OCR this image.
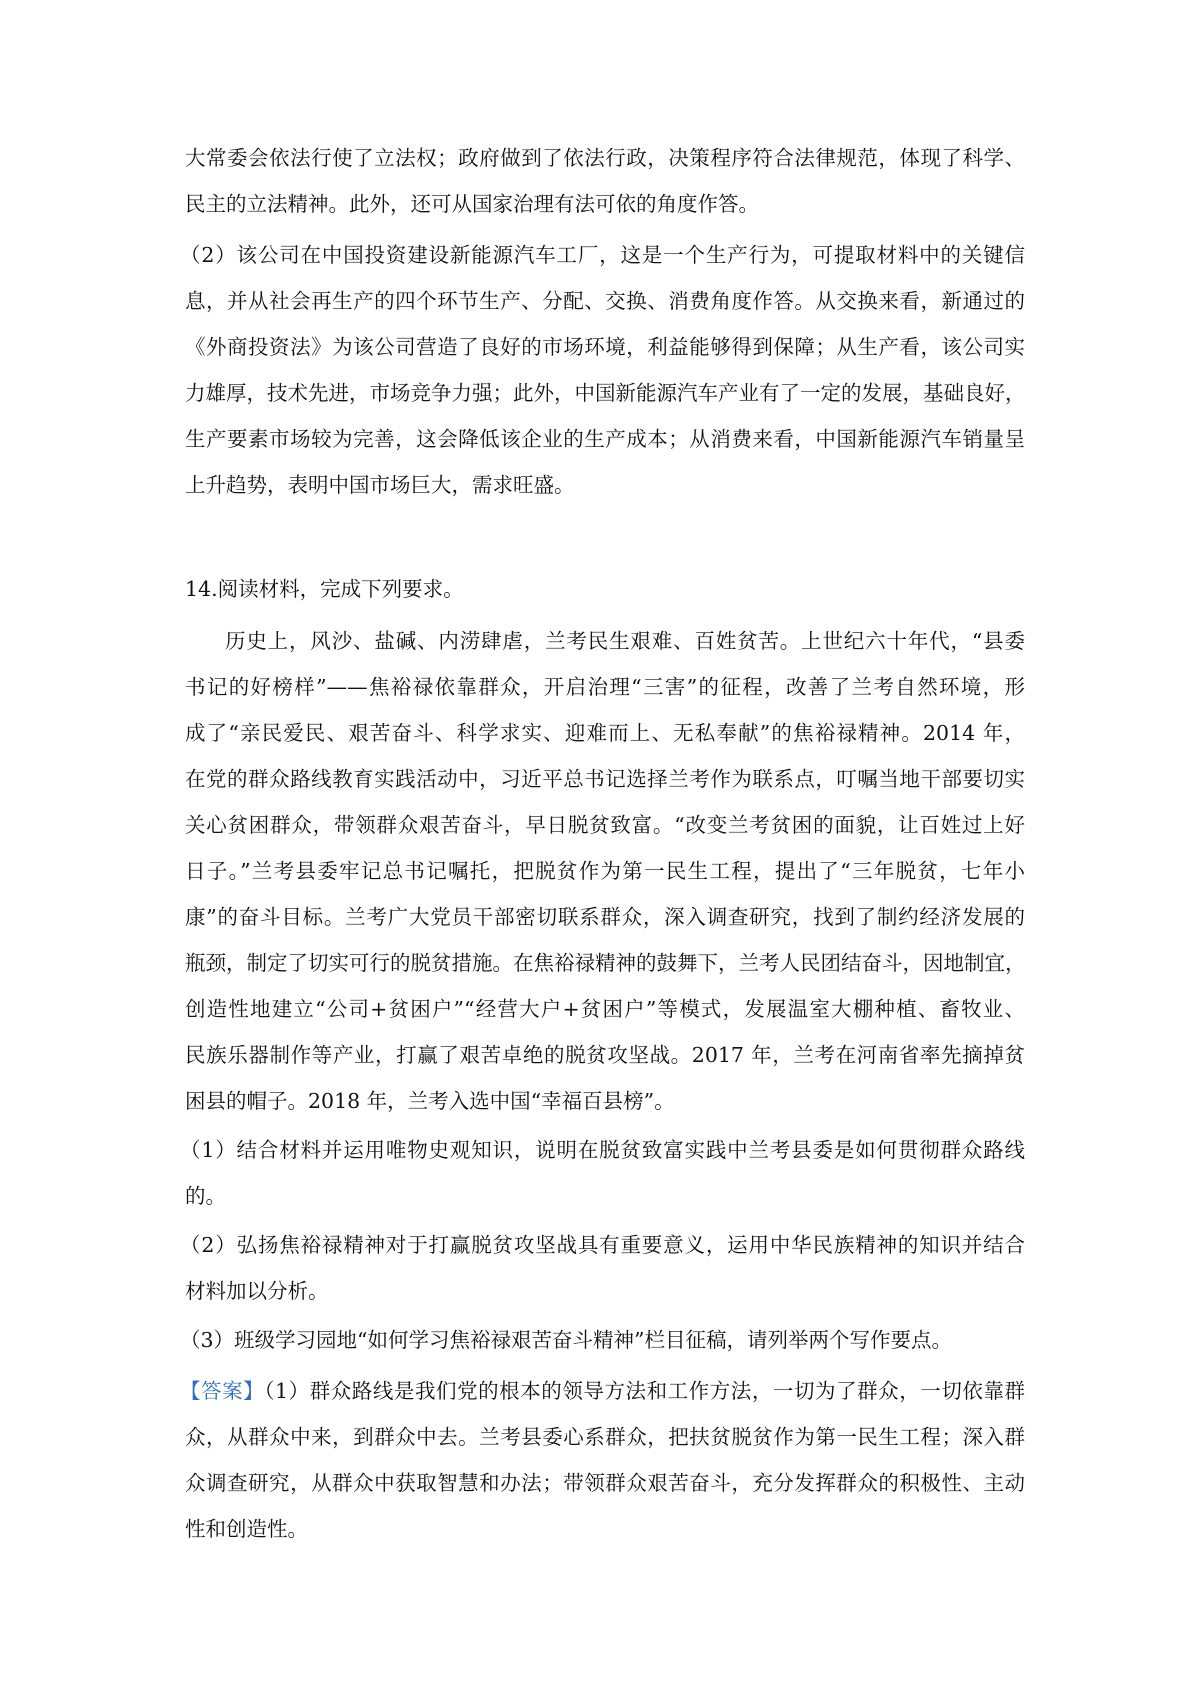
大常委会依法行使了立法权；政府做到了依法行政，决策程序符合法律规范，体现了科学、
民主的立法精神。此外，还可从国家治理有法可依的角度作答。
（2）该公司在中国投资建设新能源汽车工厂，这是一个生产行为，可提取材料中的关键信
息，并从社会再生产的四个环节生产、分配、交换、消费角度作答。从交换来看，新通过的
《外商投资法》为该公司营造了良好的市场环境，利益能够得到保障；从生产看，该公司实
力雄厚，技术先进，市场竞争力强；此外，中国新能源汽车产业有了一定的发展，基础良好，
生产要素市场较为完善，这会降低该企业的生产成本；从消费来看，中国新能源汽车销量呈
上升趋势，表明中国市场巨大，需求旺盛。
14.阅读材料，完成下列要求。
历史上，风沙、盐碱、内涝肆虐，兰考民生艰难、百姓贫苦。上世纪六十年代，“县委
书记的好榜样”——焦裕禄依靠群众，开启治理“三害”的征程，改善了兰考自然环境，形
成了“亲民爱民、艰苦奋斗、科学求实、迎难而上、无私奉献”的焦裕禄精神。2014 年，
在党的群众路线教育实践活动中，习近平总书记选择兰考作为联系点，叮嘱当地干部要切实
关心贫困群众，带领群众艰苦奋斗，早日脱贫致富。“改变兰考贫困的面貌，让百姓过上好
日子。”兰考县委牢记总书记嘱托，把脱贫作为第一民生工程，提出了“三年脱贫，七年小
康”的奋斗目标。兰考广大党员干部密切联系群众，深入调查研究，找到了制约经济发展的
瓶颈，制定了切实可行的脱贫措施。在焦裕禄精神的鼓舞下，兰考人民团结奋斗，因地制宜，
创造性地建立“公司+贫困户”“经营大户+贫困户”等模式，发展温室大棚种植、畜牧业、
民族乐器制作等产业，打赢了艰苦卓绝的脱贫攻坚战。2017 年，兰考在河南省率先摘掉贫
困县的帽子。2018 年，兰考入选中国“幸福百县榜”。
（1）结合材料并运用唯物史观知识，说明在脱贫致富实践中兰考县委是如何贯彻群众路线
的。
（2）弘扬焦裕禄精神对于打赢脱贫攻坚战具有重要意义，运用中华民族精神的知识并结合
材料加以分析。
（3）班级学习园地“如何学习焦裕禄艰苦奋斗精神”栏目征稿，请列举两个写作要点。
【答案】（1）群众路线是我们党的根本的领导方法和工作方法，一切为了群众，一切依靠群
众，从群众中来，到群众中去。兰考县委心系群众，把扶贫脱贫作为第一民生工程；深入群
众调查研究，从群众中获取智慧和办法；带领群众艰苦奋斗，充分发挥群众的积极性、主动
性和创造性。
